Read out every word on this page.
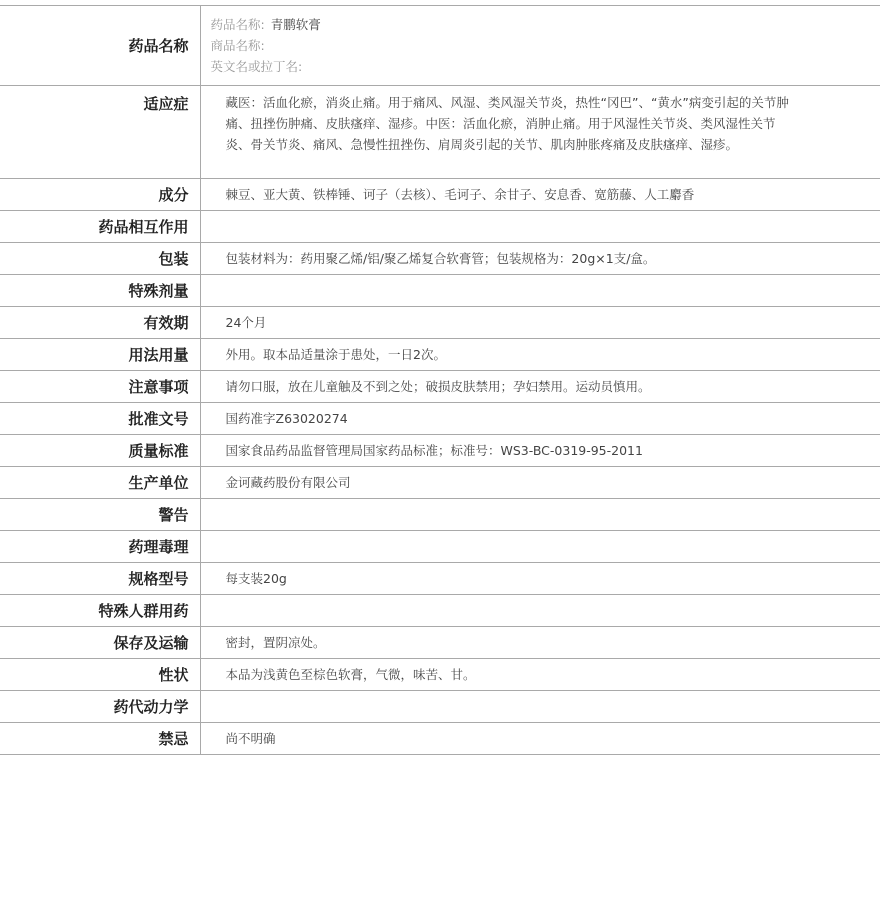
药品名称	药品名称: 青鹏软膏
商品名称:
英文名或拉丁名:

适应症	藏医：活血化瘀，消炎止痛。用于痛风、风湿、类风湿关节炎，热性“冈巴”、“黄水”病变引起的关节肿痛、扭挫伤肿痛、皮肤瘙痒、湿疹。中医：活血化瘀，消肿止痛。用于风湿性关节炎、类风湿性关节炎、骨关节炎、痛风、急慢性扭挫伤、肩周炎引起的关节、肌肉肿胀疼痛及皮肤瘙痒、湿疹。
成分	棘豆、亚大黄、铁棒锤、诃子（去核）、毛诃子、余甘子、安息香、宽筋藤、人工麝香
药品相互作用	
包装	包装材料为：药用聚乙烯/铝/聚乙烯复合软膏管；包装规格为：20g×1支/盒。
特殊剂量	
有效期	24个月
用法用量	外用。取本品适量涂于患处，一日2次。
注意事项	请勿口服，放在儿童触及不到之处；破损皮肤禁用；孕妇禁用。运动员慎用。
批准文号	国药准字Z63020274
质量标准	国家食品药品监督管理局国家药品标准；标准号：WS3-BC-0319-95-2011
生产单位	金诃藏药股份有限公司
警告	
药理毒理	
规格型号	每支装20g
特殊人群用药	
保存及运输	密封，置阴凉处。
性状	本品为浅黄色至棕色软膏，气微，味苦、甘。
药代动力学	
禁忌	尚不明确
